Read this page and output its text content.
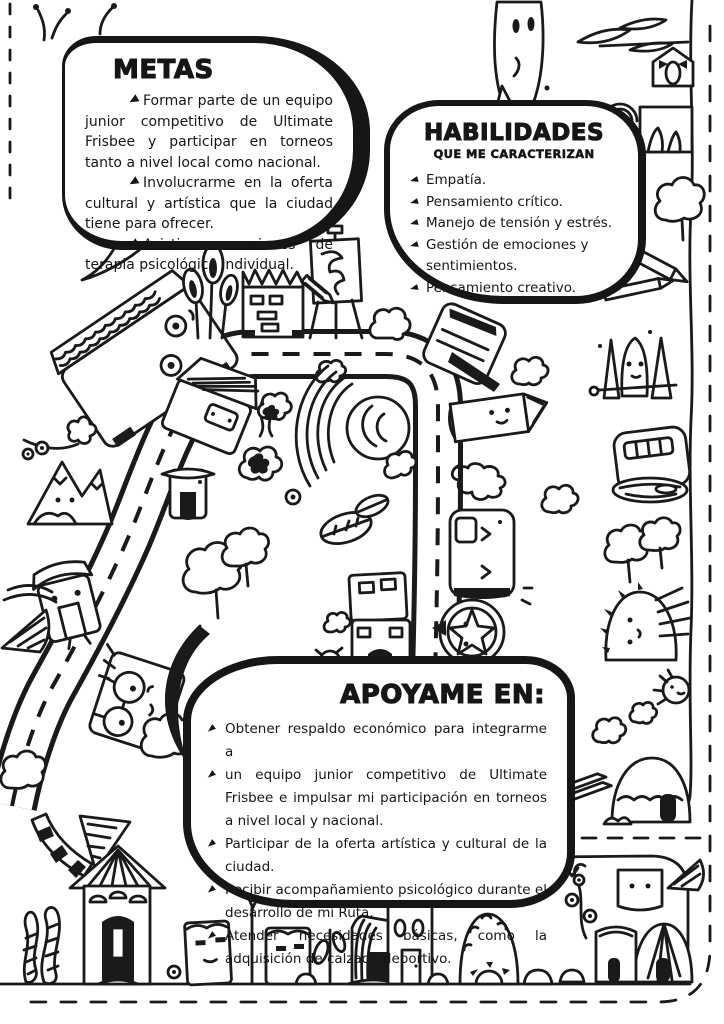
METAS

Formar parte de un equipo junior competitivo de Ultimate Frisbee y participar en torneos tanto a nivel local como nacional.

Involucrarme en la oferta cultural y artística que la ciudad tiene para ofrecer.

Asistir a sesiones de terapia psicológica individual.

HABILIDADES
QUE ME CARACTERIZAN
Empatía.
Pensamiento crítico.
Manejo de tensión y estrés.
Gestión de emociones y sentimientos.
Pensamiento creativo.
APOYAME EN:
Obtener respaldo económico para integrarme a
un equipo junior competitivo de Ultimate Frisbee e impulsar mi participación en torneos a nivel local y nacional.
Participar de la oferta artística y cultural de la ciudad.
Recibir acompañamiento psicológico durante el desarrollo de mi Ruta.
Atender necesidades básicas, como la adquisición de calzado deportivo.
